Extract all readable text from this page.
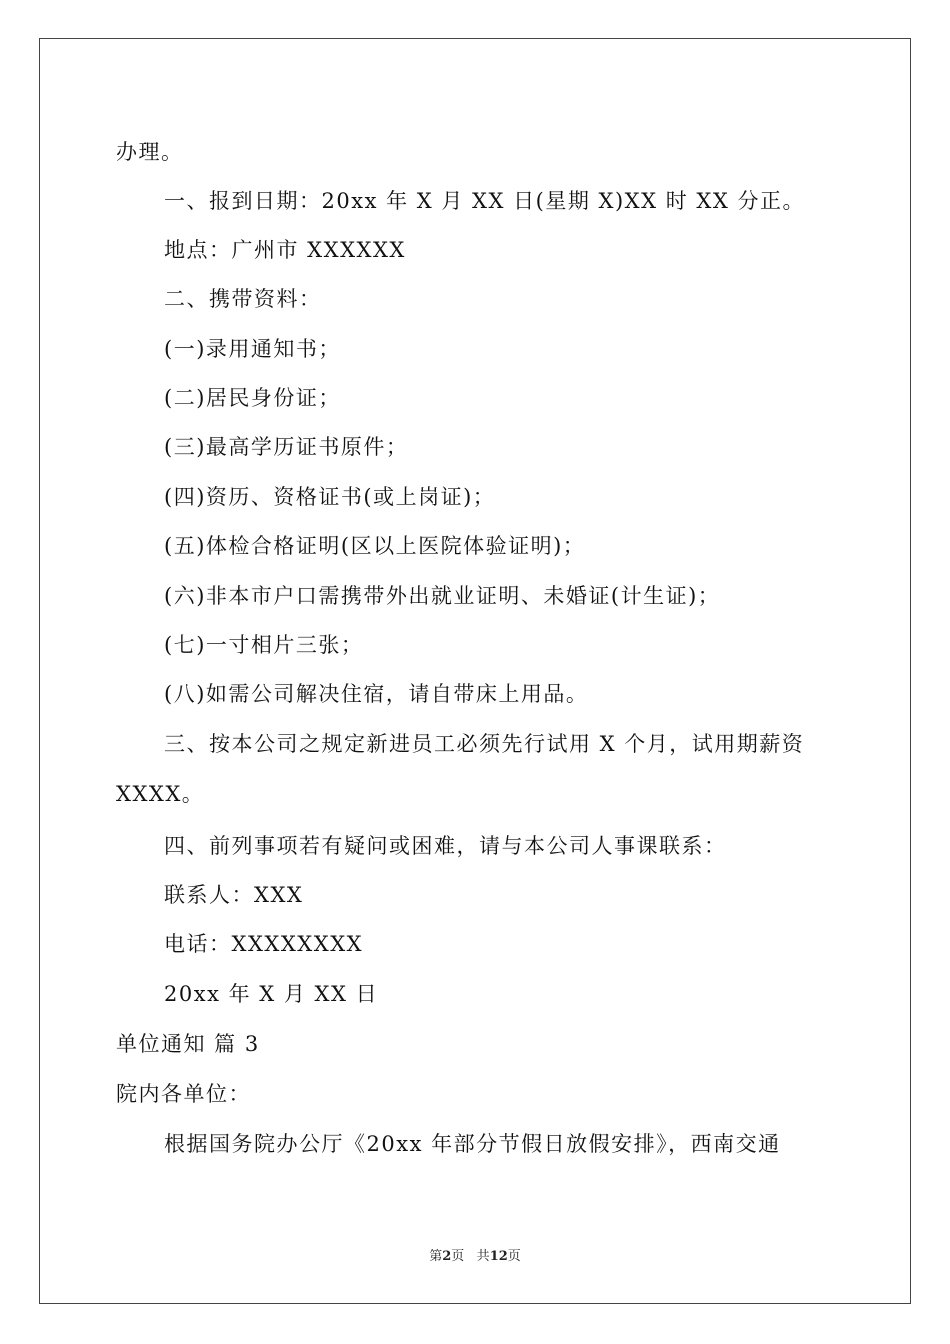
办理。
一、报到日期：20xx 年 X 月 XX 日(星期 X)XX 时 XX 分正。
地点：广州市 XXXXXX
二、携带资料：
(一)录用通知书；
(二)居民身份证；
(三)最高学历证书原件；
(四)资历、资格证书(或上岗证)；
(五)体检合格证明(区以上医院体验证明)；
(六)非本市户口需携带外出就业证明、未婚证(计生证)；
(七)一寸相片三张；
(八)如需公司解决住宿，请自带床上用品。
三、按本公司之规定新进员工必须先行试用 X 个月，试用期薪资
XXXX。
四、前列事项若有疑问或困难，请与本公司人事课联系：
联系人：XXX
电话：XXXXXXXX
20xx 年 X 月 XX 日
单位通知 篇 3
院内各单位：
根据国务院办公厅《20xx 年部分节假日放假安排》，西南交通
第2页 共12页
